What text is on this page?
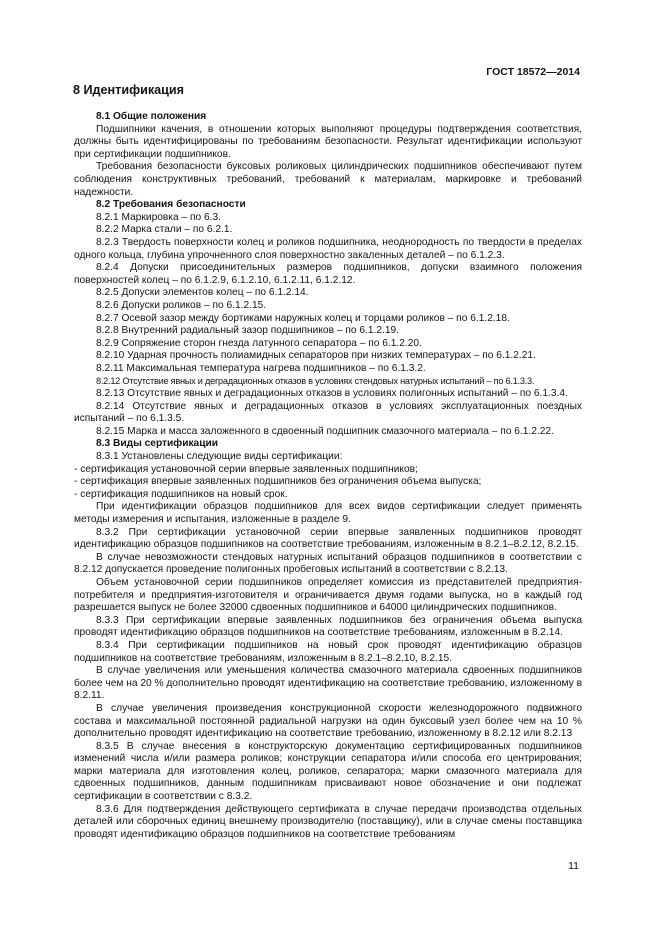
ГОСТ 18572—2014
8 Идентификация

8.1 Общие положения

Подшипники качения, в отношении которых выполняют процедуры подтверждения соответствия, должны быть идентифицированы по требованиям безопасности. Результат идентификации используют при сертификации подшипников.

Требования безопасности буксовых роликовых цилиндрических подшипников обеспечивают путем соблюдения конструктивных требований, требований к материалам, маркировке и требований надежности.

8.2 Требования безопасности

8.2.1 Маркировка – по 6.3.

8.2.2 Марка стали – по 6.2.1.

8.2.3 Твердость поверхности колец и роликов подшипника, неоднородность по твердости в пределах одного кольца, глубина упрочненного слоя поверхностно закаленных деталей – по 6.1.2.3.

8.2.4 Допуски присоединительных размеров подшипников, допуски взаимного положения поверхностей колец – по 6.1.2.9, 6.1.2.10, 6.1.2.11, 6.1.2.12.

8.2.5 Допуски элементов колец – по 6.1.2.14.

8.2.6 Допуски роликов – по 6.1.2.15.

8.2.7 Осевой зазор между бортиками наружных колец и торцами роликов – по 6.1.2.18.

8.2.8 Внутренний радиальный зазор подшипников – по 6.1.2.19.

8.2.9 Сопряжение сторон гнезда латунного сепаратора – по 6.1.2.20.

8.2.10 Ударная прочность полиамидных сепараторов при низких температурах – по 6.1.2.21.

8.2.11 Максимальная температура нагрева подшипников – по 6.1.3.2.

8.2.12 Отсутствие явных и деградационных отказов в условиях стендовых натурных испытаний – по 6.1.3.3.

8.2.13 Отсутствие явных и деградационных отказов в условиях полигонных испытаний – по 6.1.3.4.

8.2.14 Отсутствие явных и деградационных отказов в условиях эксплуатационных поездных испытаний – по 6.1.3.5.

8.2.15 Марка и масса заложенного в сдвоенный подшипник смазочного материала – по 6.1.2.22.

8.3 Виды сертификации

8.3.1 Установлены следующие виды сертификации:

- сертификация установочной серии впервые заявленных подшипников;

- сертификация впервые заявленных подшипников без ограничения объема выпуска;

- сертификация подшипников на новый срок.

При идентификации образцов подшипников для всех видов сертификации следует применять методы измерения и испытания, изложенные в разделе 9.

8.3.2 При сертификации установочной серии впервые заявленных подшипников проводят идентификацию образцов подшипников на соответствие требованиям, изложенным в 8.2.1–8.2.12, 8.2.15.

В случае невозможности стендовых натурных испытаний образцов подшипников в соответствии с 8.2.12 допускается проведение полигонных пробеговых испытаний в соответствии с 8.2.13.

Объем установочной серии подшипников определяет комиссия из представителей предприятия-потребителя и предприятия-изготовителя и ограничивается двумя годами выпуска, но в каждый год разрешается выпуск не более 32000 сдвоенных подшипников и 64000 цилиндрических подшипников.

8.3.3 При сертификации впервые заявленных подшипников без ограничения объема выпуска проводят идентификацию образцов подшипников на соответствие требованиям, изложенным в 8.2.14.

8.3.4 При сертификации подшипников на новый срок проводят идентификацию образцов подшипников на соответствие требованиям, изложенным в 8.2.1–8.2.10, 8.2.15.

В случае увеличения или уменьшения количества смазочного материала сдвоенных подшипников более чем на 20 % дополнительно проводят идентификацию на соответствие требованию, изложенному в 8.2.11.

В случае увеличения произведения конструкционной скорости железнодорожного подвижного состава и максимальной постоянной радиальной нагрузки на один буксовый узел более чем на 10 % дополнительно проводят идентификацию на соответствие требованию, изложенному в 8.2.12 или 8.2.13

8.3.5 В случае внесения в конструкторскую документацию сертифицированных подшипников изменений числа и/или размера роликов; конструкции сепаратора и/или способа его центрирования; марки материала для изготовления колец, роликов, сепаратора; марки смазочного материала для сдвоенных подшипников, данным подшипникам присваивают новое обозначение и они подлежат сертификации в соответствии с 8.3.2.

8.3.6 Для подтверждения действующего сертификата в случае передачи производства отдельных деталей или сборочных единиц внешнему производителю (поставщику), или в случае смены поставщика проводят идентификацию образцов подшипников на соответствие требованиям

11
